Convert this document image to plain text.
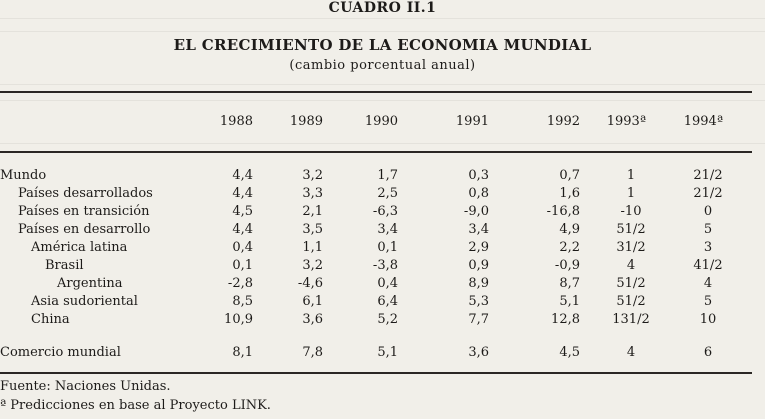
CUADRO II.1
EL CRECIMIENTO DE LA ECONOMIA MUNDIAL
(cambio porcentual anual)
1988	1989	1990	1991	1992	1993ª	1994ª
Mundo	4,4	3,2	1,7	0,3	0,7	1	21/2
Países desarrollados	4,4	3,3	2,5	0,8	1,6	1	21/2
Países en transición	4,5	2,1	-6,3	-9,0	-16,8	-10	0
Países en desarrollo	4,4	3,5	3,4	3,4	4,9	51/2	5
América latina	0,4	1,1	0,1	2,9	2,2	31/2	3
Brasil	0,1	3,2	-3,8	0,9	-0,9	4	41/2
Argentina	-2,8	-4,6	0,4	8,9	8,7	51/2	4
Asia sudoriental	8,5	6,1	6,4	5,3	5,1	51/2	5
China	10,9	3,6	5,2	7,7	12,8	131/2	10
Comercio mundial	8,1	7,8	5,1	3,6	4,5	4	6
Fuente: Naciones Unidas.
ª Predicciones en base al Proyecto LINK.
